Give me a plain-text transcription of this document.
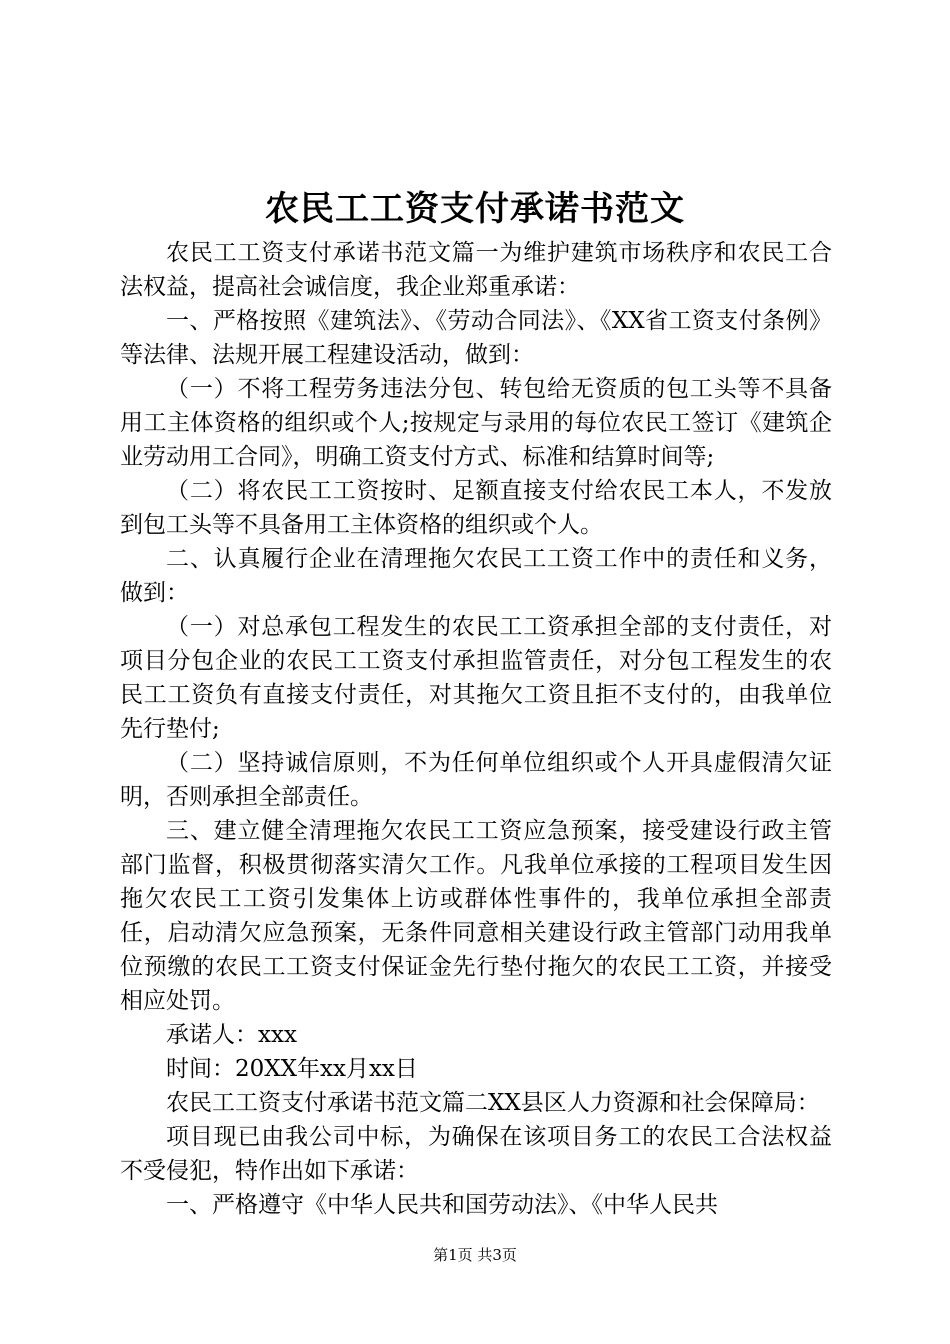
农民工工资支付承诺书范文

农民工工资支付承诺书范文篇一为维护建筑市场秩序和农民工合法权益，提高社会诚信度，我企业郑重承诺：

一、严格按照《建筑法》、《劳动合同法》、《XX省工资支付条例》等法律、法规开展工程建设活动，做到：

（一）不将工程劳务违法分包、转包给无资质的包工头等不具备用工主体资格的组织或个人;按规定与录用的每位农民工签订《建筑企业劳动用工合同》，明确工资支付方式、标准和结算时间等;

（二）将农民工工资按时、足额直接支付给农民工本人，不发放到包工头等不具备用工主体资格的组织或个人。

二、认真履行企业在清理拖欠农民工工资工作中的责任和义务，做到：

（一）对总承包工程发生的农民工工资承担全部的支付责任，对项目分包企业的农民工工资支付承担监管责任，对分包工程发生的农民工工资负有直接支付责任，对其拖欠工资且拒不支付的，由我单位先行垫付;

（二）坚持诚信原则，不为任何单位组织或个人开具虚假清欠证明，否则承担全部责任。

三、建立健全清理拖欠农民工工资应急预案，接受建设行政主管部门监督，积极贯彻落实清欠工作。凡我单位承接的工程项目发生因拖欠农民工工资引发集体上访或群体性事件的，我单位承担全部责任，启动清欠应急预案，无条件同意相关建设行政主管部门动用我单位预缴的农民工工资支付保证金先行垫付拖欠的农民工工资，并接受相应处罚。

承诺人：xxx

时间：20XX年xx月xx日

农民工工资支付承诺书范文篇二XX县区人力资源和社会保障局：

项目现已由我公司中标，为确保在该项目务工的农民工合法权益不受侵犯，特作出如下承诺：

一、严格遵守《中华人民共和国劳动法》、《中华人民共

第1页 共3页
